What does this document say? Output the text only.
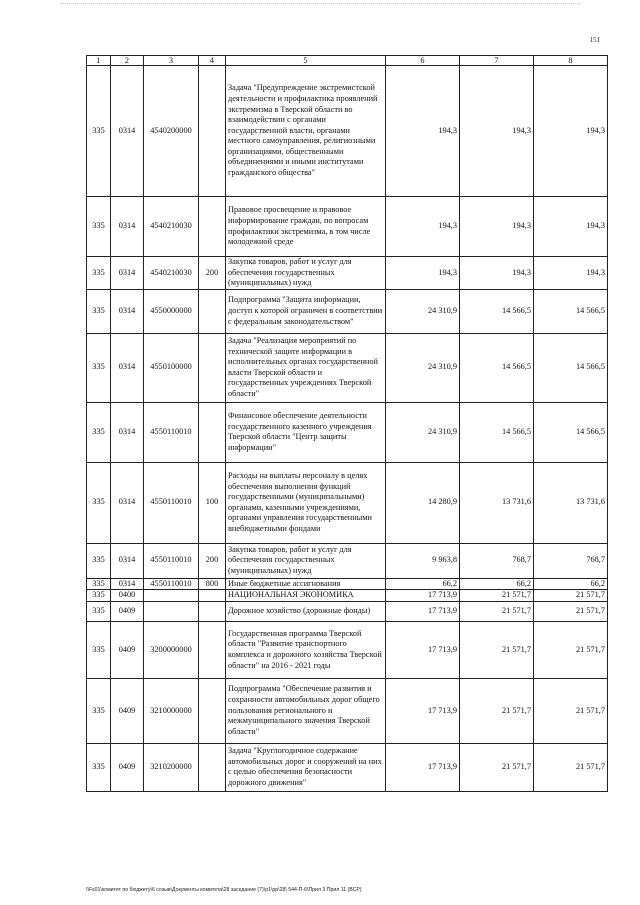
151
1	2	3	4	5	6	7	8
335	0314	4540200000		Задача "Предупреждение экстремистской деятельности и профилактика проявлений экстремизма в Тверской области во взаимодействии с органами государственной власти, органами местного самоуправления, религиозными организациями, общественными объединениями и иными институтами гражданского общества"	194,3	194,3	194,3
335	0314	4540210030		Правовое просвещение и правовое информирование граждан, по вопросам профилактики экстремизма, в том числе молодежной среде	194,3	194,3	194,3
335	0314	4540210030	200	Закупка товаров, работ и услуг для обеспечения государственных (муниципальных) нужд	194,3	194,3	194,3
335	0314	4550000000		Подпрограмма "Защита информации, доступ к которой ограничен в соответствии с федеральным законодательством"	24 310,9	14 566,5	14 566,5
335	0314	4550100000		Задача "Реализация мероприятий по технической защите информации в исполнительных органах государственной власти Тверской области и государственных учреждениях Тверской области"	24 310,9	14 566,5	14 566,5
335	0314	4550110010		Финансовое обеспечение деятельности государственного казенного учреждения Тверской области "Центр защиты информации"	24 310,9	14 566,5	14 566,5
335	0314	4550110010	100	Расходы на выплаты персоналу в целях обеспечения выполнения функций государственными (муниципальными) органами, казенными учреждениями, органами управления государственными внебюджетными фондами	14 280,9	13 731,6	13 731,6
335	0314	4550110010	200	Закупка товаров, работ и услуг для обеспечения государственных (муниципальных) нужд	9 963,8	768,7	768,7
335	0314	4550110010	800	Иные бюджетные ассигнования	66,2	66,2	66,2
335	0400			НАЦИОНАЛЬНАЯ ЭКОНОМИКА	17 713,9	21 571,7	21 571,7
335	0409			Дорожное хозяйство (дорожные фонды)	17 713,9	21 571,7	21 571,7
335	0409	3200000000		Государственная программа Тверской области "Развитие транспортного комплекса и дорожного хозяйства Тверской области" на 2016 - 2021 годы	17 713,9	21 571,7	21 571,7
335	0409	3210000000		Подпрограмма "Обеспечение развития и сохранности автомобильных дорог общего пользования регионального и межмуниципального значения Тверской области"	17 713,9	21 571,7	21 571,7
335	0409	3210200000		Задача "Круглогодичное содержание автомобильных дорог и сооружений на них с целью обеспечения безопасности дорожного движения"	17 713,9	21 571,7	21 571,7
\\Fs01\комитет по бюджету\6 созыв\Документы комитета\28 заседание (7)\р1\рр\28\ 544-П-6\Прил 3 Прил 11 (ВСР)
